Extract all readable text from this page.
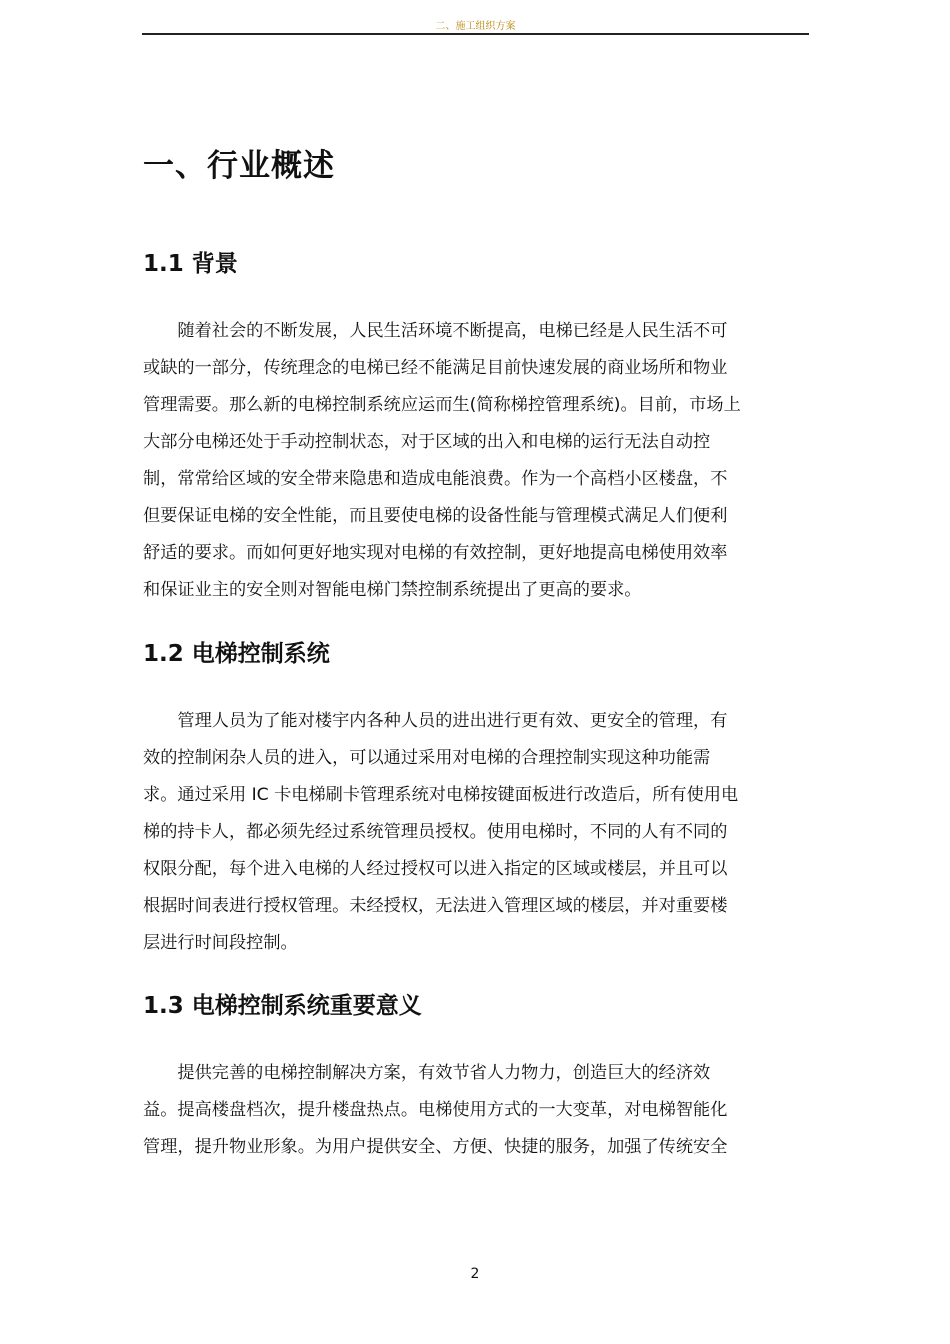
二、施工组织方案
一、行业概述
1.1 背景
随着社会的不断发展，人民生活环境不断提高，电梯已经是人民生活不可
或缺的一部分，传统理念的电梯已经不能满足目前快速发展的商业场所和物业
管理需要。那么新的电梯控制系统应运而生(简称梯控管理系统)。目前，市场上
大部分电梯还处于手动控制状态，对于区域的出入和电梯的运行无法自动控
制，常常给区域的安全带来隐患和造成电能浪费。作为一个高档小区楼盘，不
但要保证电梯的安全性能，而且要使电梯的设备性能与管理模式满足人们便利
舒适的要求。而如何更好地实现对电梯的有效控制，更好地提高电梯使用效率
和保证业主的安全则对智能电梯门禁控制系统提出了更高的要求。
1.2 电梯控制系统
管理人员为了能对楼宇内各种人员的进出进行更有效、更安全的管理，有
效的控制闲杂人员的进入，可以通过采用对电梯的合理控制实现这种功能需
求。通过采用 IC 卡电梯刷卡管理系统对电梯按键面板进行改造后，所有使用电
梯的持卡人，都必须先经过系统管理员授权。使用电梯时，不同的人有不同的
权限分配，每个进入电梯的人经过授权可以进入指定的区域或楼层，并且可以
根据时间表进行授权管理。未经授权，无法进入管理区域的楼层，并对重要楼
层进行时间段控制。
1.3 电梯控制系统重要意义
提供完善的电梯控制解决方案，有效节省人力物力，创造巨大的经济效
益。提高楼盘档次，提升楼盘热点。电梯使用方式的一大变革，对电梯智能化
管理，提升物业形象。为用户提供安全、方便、快捷的服务，加强了传统安全
2
